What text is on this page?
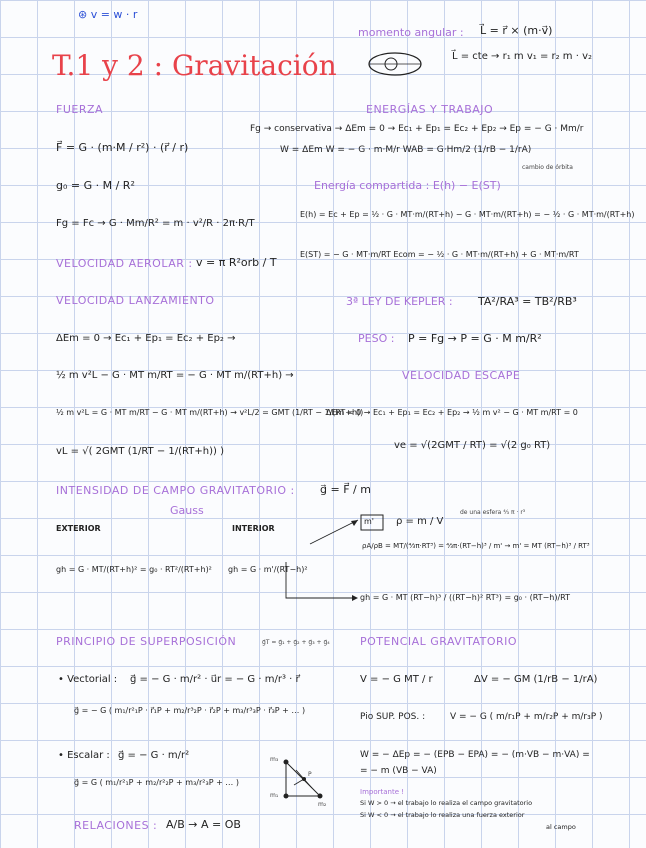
⊛ v = w · r
T.1 y 2 : Gravitación
momento angular : L⃗ = r⃗ × (m·v⃗)
L⃗ = cte → r₁ m v₁ = r₂ m · v₂
FUERZA
F⃗ = G · (m·M / r²) · (r⃗ / r)
g₀ = G · M / R²
Fg = Fc → G · Mm/R² = m · v²/R · 2π·R/T
VELOCIDAD AEROLAR : v = π R²orb / T
VELOCIDAD LANZAMIENTO
ΔEm = 0 → Ec₁ + Ep₁ = Ec₂ + Ep₂ →
½ m v²L − G · MT m/RT = − G · MT m/(RT+h) →
½ m v²L = G · MT m/RT − G · MT m/(RT+h) → v²L/2 = GMT (1/RT − 1/(RT+h))
vL = √( 2GMT (1/RT − 1/(RT+h)) )
ENERGÍAS Y TRABAJO
Fg → conservativa → ΔEm = 0 → Ec₁ + Ep₁ = Ec₂ + Ep₂ → Ep = − G · Mm/r
W = ΔEm W = − G · m·M/r WAB = G·Hm/2 (1/rB − 1/rA)
cambio de órbita
Energía compartida : E(h) − E(ST)
E(h) = Ec + Ep = ½ · G · MT·m/(RT+h) − G · MT·m/(RT+h) = − ½ · G · MT·m/(RT+h)
E(ST) = − G · MT·m/RT Ecom = − ½ · G · MT·m/(RT+h) + G · MT·m/RT
3ª LEY DE KEPLER : TA²/RA³ = TB²/RB³
PESO : P = Fg → P = G · M m/R²
VELOCIDAD ESCAPE
ΔEm = 0 → Ec₁ + Ep₁ = Ec₂ + Ep₂ → ½ m v² − G · MT m/RT = 0
ve = √(2GMT / RT) = √(2 g₀ RT)
INTENSIDAD DE CAMPO GRAVITATORIO : g⃗ = F⃗ / m
Gauss
EXTERIOR	INTERIOR
gh = G · MT/(RT+h)² = g₀ · RT²/(RT+h)² gh = G · m'/(RT−h)²
m' ρ = m / V
de una esfera ⁴⁄₃ π · r³
ρA/ρB = MT/(⁴⁄₃π·RT³) = ⁴⁄₃π·(RT−h)³ / m' → m' = MT (RT−h)³ / RT³
gh = G · MT (RT−h)³ / ((RT−h)² RT³) = g₀ · (RT−h)/RT
PRINCIPIO DE SUPERPOSICIÓN	g⃗T = g⃗₁ + g⃗₂ + g⃗₃ + g⃗₄
• Vectorial : g⃗ = − G · m/r² · u⃗r = − G · m/r³ · r⃗
g⃗ = − G ( m₁/r²₁P · r⃗₁P + m₂/r³₂P · r⃗₂P + m₃/r³₃P · r⃗₃P + … )
• Escalar : g⃗ = − G · m/r²
g⃗ = G ( m₁/r²₁P + m₂/r²₂P + m₃/r²₃P + … )
m₃
m₁
m₂
P
RELACIONES : A/B → A = OB
POTENCIAL GRAVITATORIO
V = − G MT / r	ΔV = − GM (1/rB − 1/rA)
Pio SUP. POS. :	V = − G ( m/r₁P + m/r₂P + m/r₃P )
W = − ΔEp = − (EPB − EPA) = − (m·VB − m·VA) =
= − m (VB − VA)
Importante !
Si W > 0 → el trabajo lo realiza el campo gravitatorio
Si W < 0 → el trabajo lo realiza una fuerza exterior
al campo
